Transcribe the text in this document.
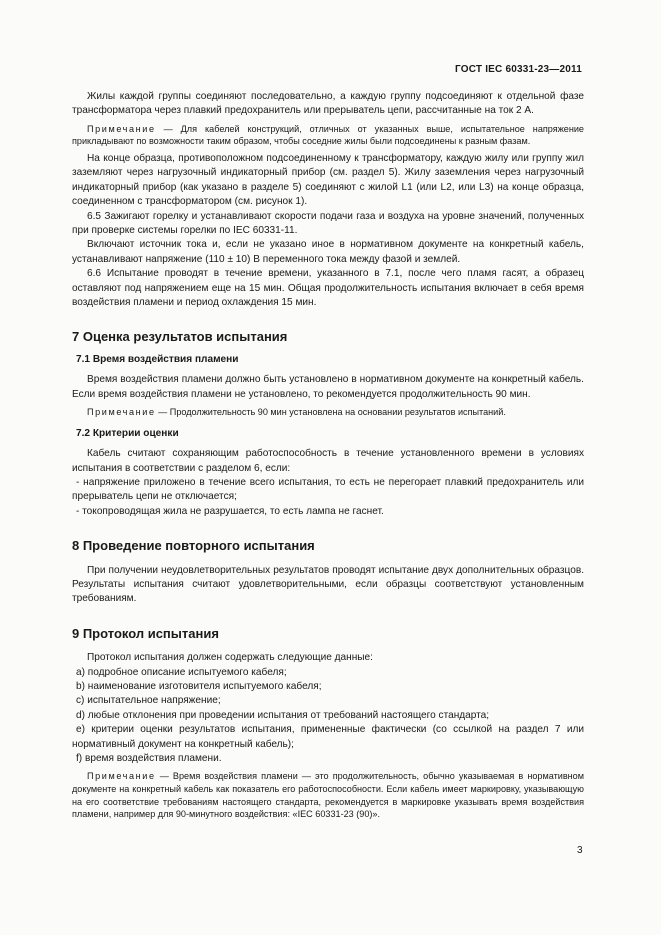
ГОСТ IEC 60331-23—2011

Жилы каждой группы соединяют последовательно, а каждую группу подсоединяют к отдельной фазе трансформатора через плавкий предохранитель или прерыватель цепи, рассчитанные на ток 2 А.

Примечание — Для кабелей конструкций, отличных от указанных выше, испытательное напряжение прикладывают по возможности таким образом, чтобы соседние жилы были подсоединены к разным фазам.

На конце образца, противоположном подсоединенному к трансформатору, каждую жилу или группу жил заземляют через нагрузочный индикаторный прибор (см. раздел 5). Жилу заземления через нагрузочный индикаторный прибор (как указано в разделе 5) соединяют с жилой L1 (или L2, или L3) на конце образца, соединенном с трансформатором (см. рисунок 1).

6.5 Зажигают горелку и устанавливают скорости подачи газа и воздуха на уровне значений, полученных при проверке системы горелки по IEC 60331-11.

Включают источник тока и, если не указано иное в нормативном документе на конкретный кабель, устанавливают напряжение (110 ± 10) В переменного тока между фазой и землей.

6.6 Испытание проводят в течение времени, указанного в 7.1, после чего пламя гасят, а образец оставляют под напряжением еще на 15 мин. Общая продолжительность испытания включает в себя время воздействия пламени и период охлаждения 15 мин.

7 Оценка результатов испытания
7.1 Время воздействия пламени

Время воздействия пламени должно быть установлено в нормативном документе на конкретный кабель. Если время воздействия пламени не установлено, то рекомендуется продолжительность 90 мин.

Примечание — Продолжительность 90 мин установлена на основании результатов испытаний.

7.2 Критерии оценки

Кабель считают сохраняющим работоспособность в течение установленного времени в условиях испытания в соответствии с разделом 6, если:

- напряжение приложено в течение всего испытания, то есть не перегорает плавкий предохранитель или прерыватель цепи не отключается;
- токопроводящая жила не разрушается, то есть лампа не гаснет.
8 Проведение повторного испытания

При получении неудовлетворительных результатов проводят испытание двух дополнительных образцов. Результаты испытания считают удовлетворительными, если образцы соответствуют установленным требованиям.

9 Протокол испытания

Протокол испытания должен содержать следующие данные:

а) подробное описание испытуемого кабеля;
b) наименование изготовителя испытуемого кабеля;
c) испытательное напряжение;
d) любые отклонения при проведении испытания от требований настоящего стандарта;
e) критерии оценки результатов испытания, примененные фактически (со ссылкой на раздел 7 или нормативный документ на конкретный кабель);
f) время воздействия пламени.

Примечание — Время воздействия пламени — это продолжительность, обычно указываемая в нормативном документе на конкретный кабель как показатель его работоспособности. Если кабель имеет маркировку, указывающую на его соответствие требованиям настоящего стандарта, рекомендуется в маркировке указывать время воздействия пламени, например для 90-минутного воздействия: «IEC 60331-23 (90)».

3
